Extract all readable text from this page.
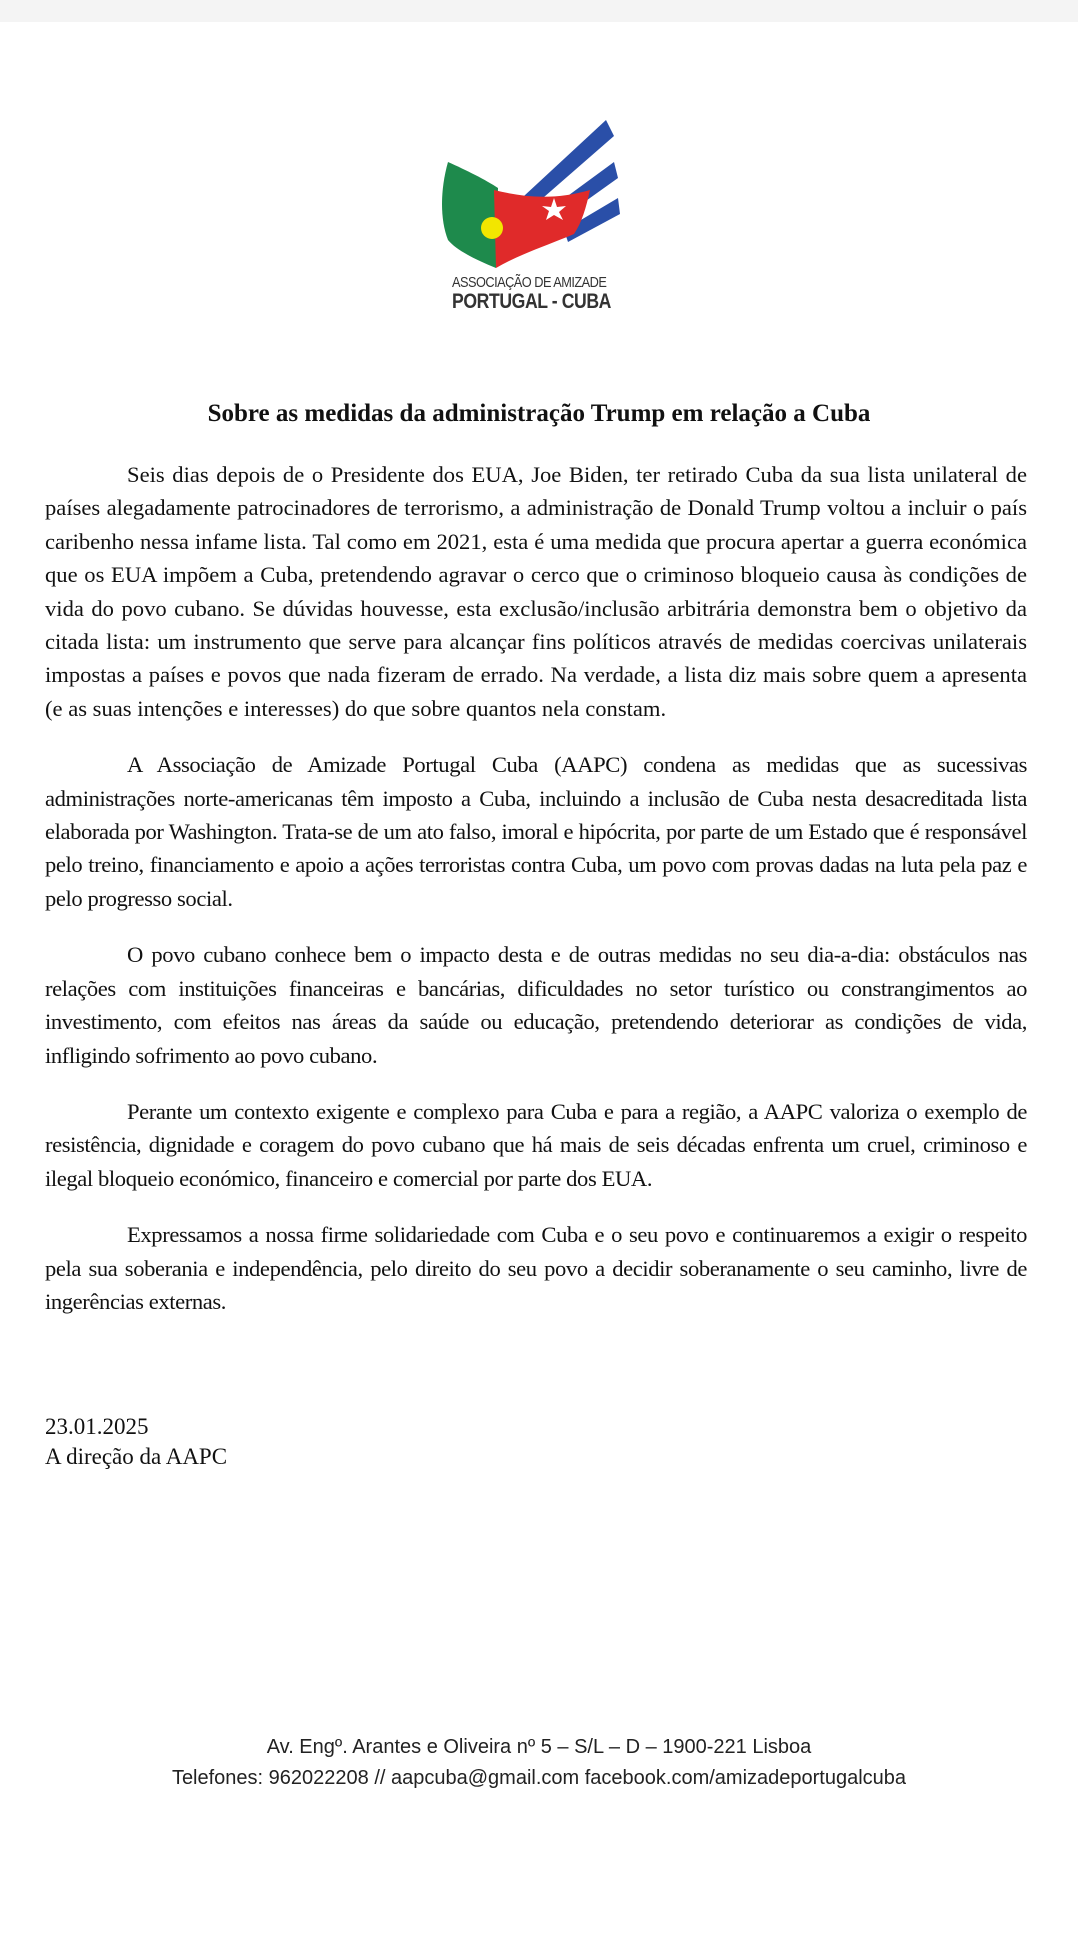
ASSOCIAÇÃO DE AMIZADE
PORTUGAL - CUBA
Sobre as medidas da administração Trump em relação a Cuba

Seis dias depois de o Presidente dos EUA, Joe Biden, ter retirado Cuba da sua lista unilateral de países alegadamente patrocinadores de terrorismo, a administração de Donald Trump voltou a incluir o país caribenho nessa infame lista. Tal como em 2021, esta é uma medida que procura apertar a guerra económica que os EUA impõem a Cuba, pretendendo agravar o cerco que o criminoso bloqueio causa às condições de vida do povo cubano. Se dúvidas houvesse, esta exclusão/inclusão arbitrária demonstra bem o objetivo da citada lista: um instrumento que serve para alcançar fins políticos através de medidas coercivas unilaterais impostas a países e povos que nada fizeram de errado. Na verdade, a lista diz mais sobre quem a apresenta (e as suas intenções e interesses) do que sobre quantos nela constam.

A Associação de Amizade Portugal Cuba (AAPC) condena as medidas que as sucessivas administrações norte-americanas têm imposto a Cuba, incluindo a inclusão de Cuba nesta desacreditada lista elaborada por Washington. Trata-se de um ato falso, imoral e hipócrita, por parte de um Estado que é responsável pelo treino, financiamento e apoio a ações terroristas contra Cuba, um povo com provas dadas na luta pela paz e pelo progresso social.

O povo cubano conhece bem o impacto desta e de outras medidas no seu dia-a-dia: obstáculos nas relações com instituições financeiras e bancárias, dificuldades no setor turístico ou constrangimentos ao investimento, com efeitos nas áreas da saúde ou educação, pretendendo deteriorar as condições de vida, infligindo sofrimento ao povo cubano.

Perante um contexto exigente e complexo para Cuba e para a região, a AAPC valoriza o exemplo de resistência, dignidade e coragem do povo cubano que há mais de seis décadas enfrenta um cruel, criminoso e ilegal bloqueio económico, financeiro e comercial por parte dos EUA.

Expressamos a nossa firme solidariedade com Cuba e o seu povo e continuaremos a exigir o respeito pela sua soberania e independência, pelo direito do seu povo a decidir soberanamente o seu caminho, livre de ingerências externas.

23.01.2025
A direção da AAPC
Av. Engº. Arantes e Oliveira nº 5 – S/L – D – 1900-221 Lisboa
Telefones: 962022208 // aapcuba@gmail.com facebook.com/amizadeportugalcuba
